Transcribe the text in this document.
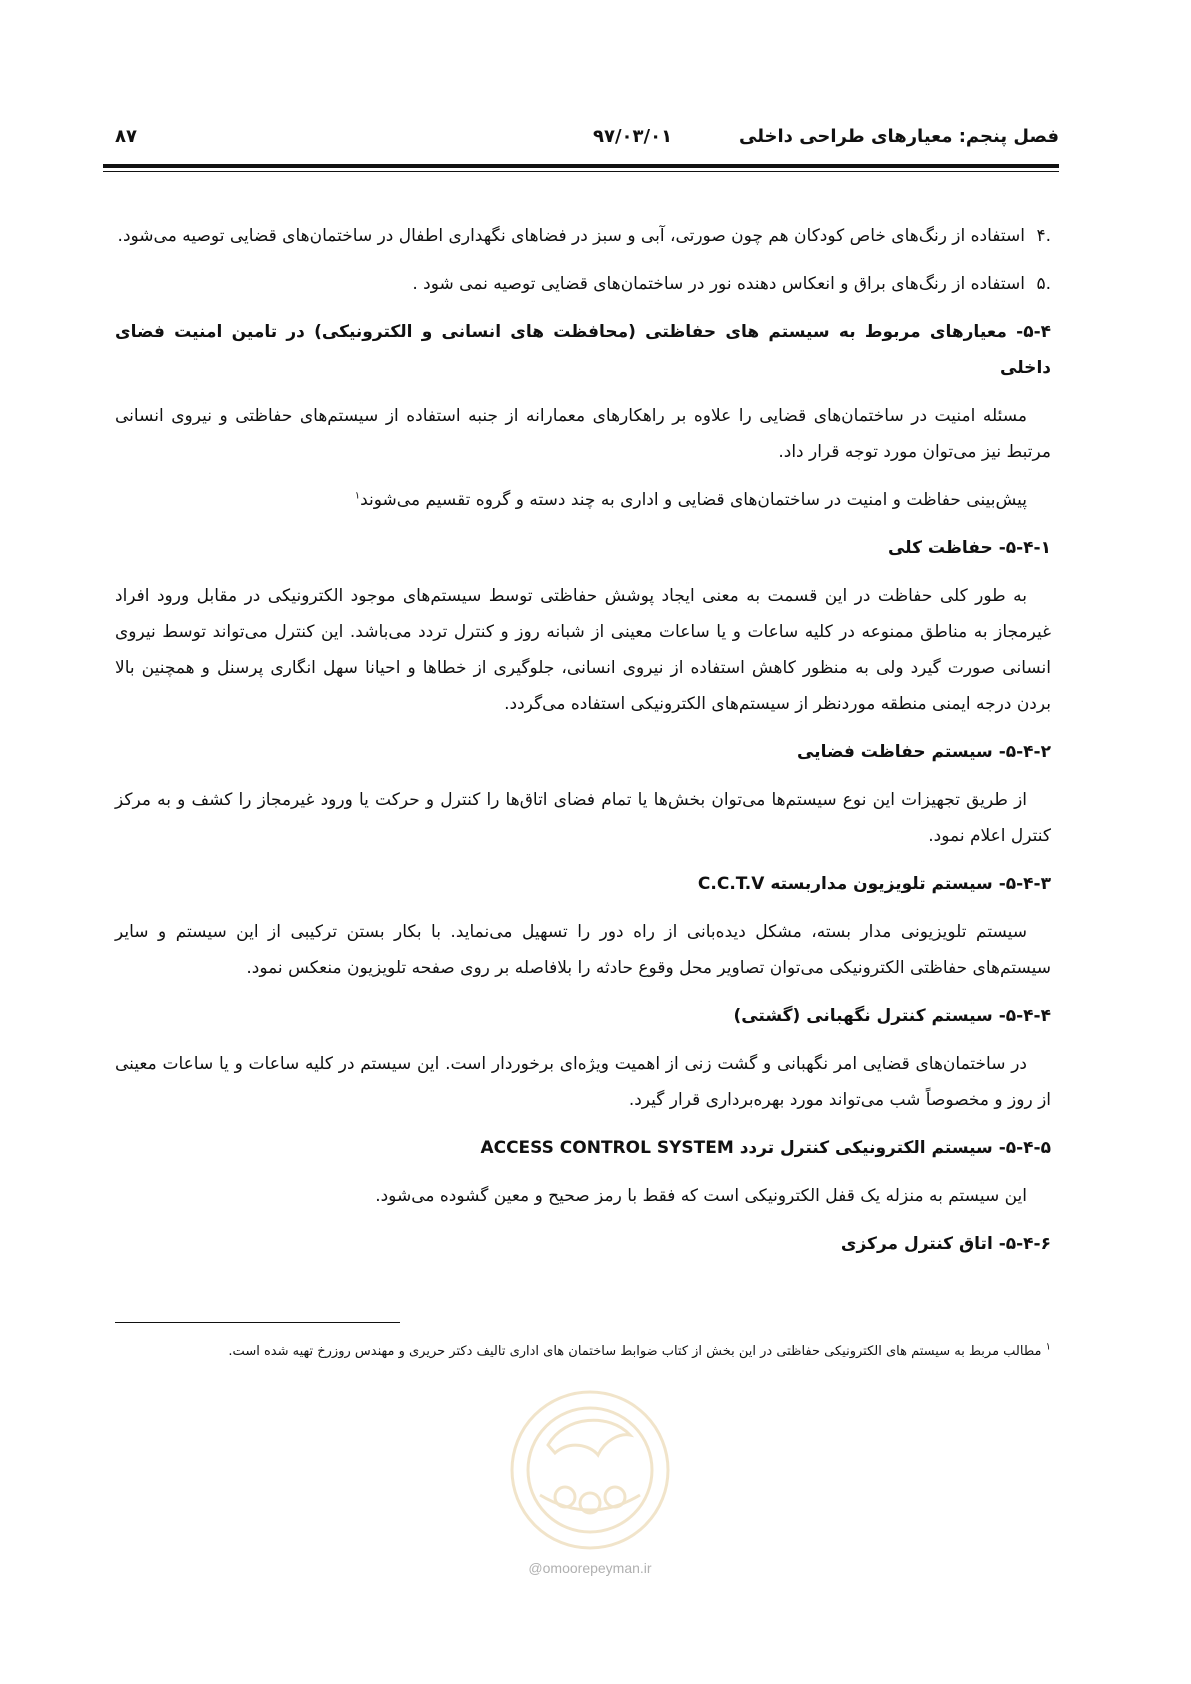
فصل پنجم: معیارهای طراحی داخلی
۹۷/۰۳/۰۱
۸۷
.۴
استفاده از رنگ‌های خاص کودکان هم چون صورتی، آبی و سبز در فضاهای نگهداری اطفال در ساختمان‌های قضایی توصیه می‌شود.
.۵
استفاده از رنگ‌های براق و انعکاس دهنده نور در ساختمان‌های قضایی توصیه نمی شود .
۵-۴- معیارهای مربوط به سیستم های حفاظتی (محافظت های انسانی و الکترونیکی) در تامین امنیت فضای داخلی

مسئله امنیت در ساختمان‌های قضایی را علاوه بر راهکارهای معمارانه از جنبه استفاده از سیستم‌های حفاظتی و نیروی انسانی مرتبط نیز می‌توان مورد توجه قرار داد.

پیش‌بینی حفاظت و امنیت در ساختمان‌های قضایی و اداری به چند دسته و گروه تقسیم می‌شوند$^۱$

۵-۴-۱- حفاظت کلی

به طور کلی حفاظت در این قسمت به معنی ایجاد پوشش حفاظتی توسط سیستم‌های موجود الکترونیکی در مقابل ورود افراد غیرمجاز به مناطق ممنوعه در کلیه ساعات و یا ساعات معینی از شبانه روز و کنترل تردد می‌باشد. این کنترل می‌تواند توسط نیروی انسانی صورت گیرد ولی به منظور کاهش استفاده از نیروی انسانی، جلوگیری از خطاها و احیانا سهل انگاری پرسنل و همچنین بالا بردن درجه ایمنی منطقه موردنظر از سیستم‌های الکترونیکی استفاده می‌گردد.

۵-۴-۲- سیستم حفاظت فضایی

از طریق تجهیزات این نوع سیستم‌ها می‌توان بخش‌ها یا تمام فضای اتاق‌ها را کنترل و حرکت یا ورود غیرمجاز را کشف و به مرکز کنترل اعلام نمود.

۵-۴-۳- سیستم تلویزیون مداربسته C.C.T.V

سیستم تلویزیونی مدار بسته، مشکل دیده‌بانی از راه دور را تسهیل می‌نماید. با بکار بستن ترکیبی از این سیستم و سایر سیستم‌های حفاظتی الکترونیکی می‌توان تصاویر محل وقوع حادثه را بلافاصله بر روی صفحه تلویزیون منعکس نمود.

۵-۴-۴- سیستم کنترل نگهبانی (گشتی)

در ساختمان‌های قضایی امر نگهبانی و گشت زنی از اهمیت ویژه‌ای برخوردار است. این سیستم در کلیه ساعات و یا ساعات معینی از روز و مخصوصاً شب می‌تواند مورد بهره‌برداری قرار گیرد.

۵-۴-۵- سیستم الکترونیکی کنترل تردد ACCESS CONTROL SYSTEM

این سیستم به منزله یک قفل الکترونیکی است که فقط با رمز صحیح و معین گشوده می‌شود.

۵-۴-۶- اتاق کنترل مرکزی
$^۱$ مطالب مربط به سیستم های الکترونیکی حفاظتی در این بخش از کتاب ضوابط ساختمان های اداری تالیف دکتر حریری و مهندس روزرخ تهیه شده است.
@omoorepeyman.ir
